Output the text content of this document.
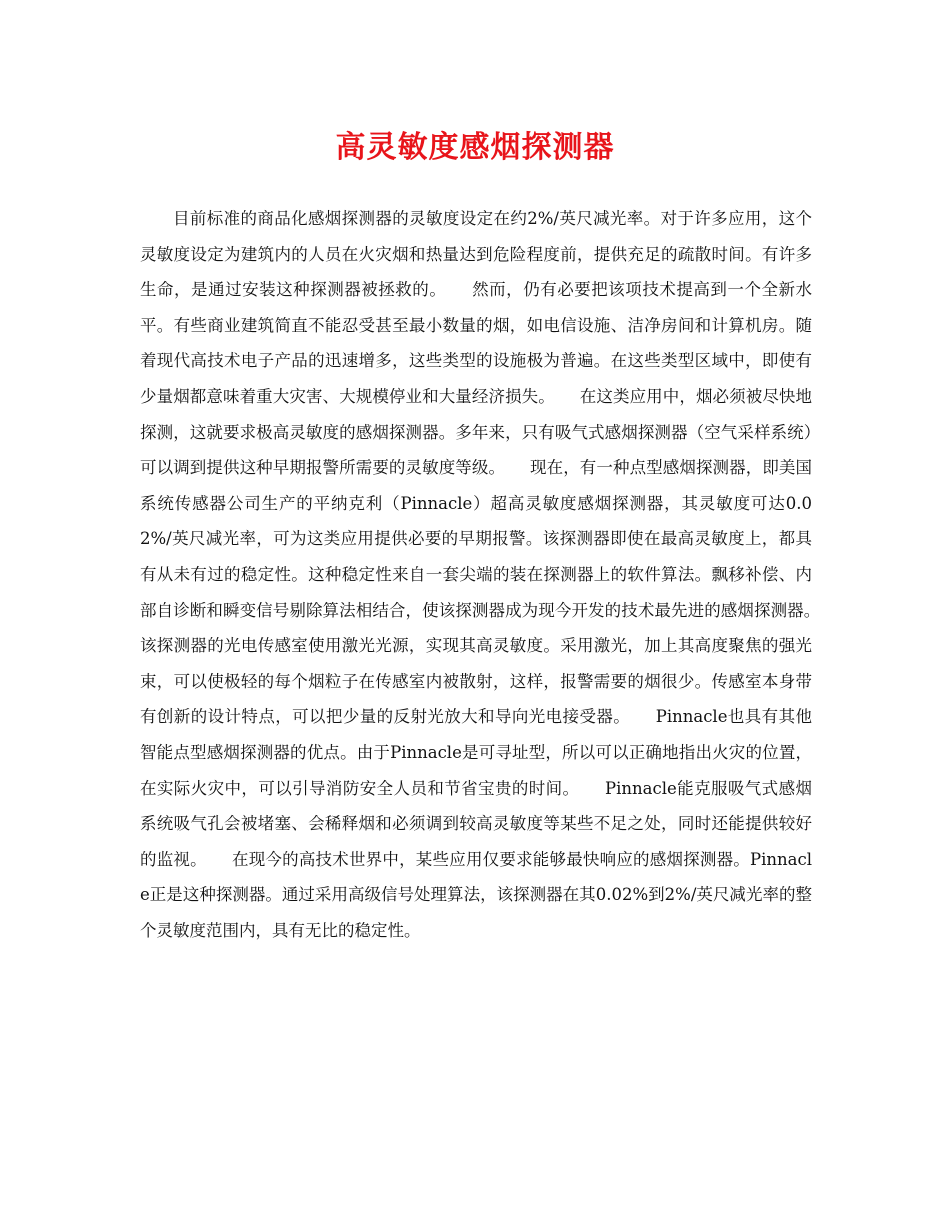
高灵敏度感烟探测器

目前标准的商品化感烟探测器的灵敏度设定在约2%/英尺减光率。对于许多应用，这个灵敏度设定为建筑内的人员在火灾烟和热量达到危险程度前，提供充足的疏散时间。有许多生命，是通过安装这种探测器被拯救的。　　然而，仍有必要把该项技术提高到一个全新水平。有些商业建筑简直不能忍受甚至最小数量的烟，如电信设施、洁净房间和计算机房。随着现代高技术电子产品的迅速增多，这些类型的设施极为普遍。在这些类型区域中，即使有少量烟都意味着重大灾害、大规模停业和大量经济损失。　　在这类应用中，烟必须被尽快地探测，这就要求极高灵敏度的感烟探测器。多年来，只有吸气式感烟探测器（空气采样系统）可以调到提供这种早期报警所需要的灵敏度等级。　　现在，有一种点型感烟探测器，即美国系统传感器公司生产的平纳克利（Pinnacle）超高灵敏度感烟探测器，其灵敏度可达0.02%/英尺减光率，可为这类应用提供必要的早期报警。该探测器即使在最高灵敏度上，都具有从未有过的稳定性。这种稳定性来自一套尖端的装在探测器上的软件算法。飘移补偿、内部自诊断和瞬变信号剔除算法相结合，使该探测器成为现今开发的技术最先进的感烟探测器。　　该探测器的光电传感室使用激光光源，实现其高灵敏度。采用激光，加上其高度聚焦的强光束，可以使极轻的每个烟粒子在传感室内被散射，这样，报警需要的烟很少。传感室本身带有创新的设计特点，可以把少量的反射光放大和导向光电接受器。　　Pinnacle也具有其他智能点型感烟探测器的优点。由于Pinnacle是可寻址型，所以可以正确地指出火灾的位置，在实际火灾中，可以引导消防安全人员和节省宝贵的时间。　　Pinnacle能克服吸气式感烟系统吸气孔会被堵塞、会稀释烟和必须调到较高灵敏度等某些不足之处，同时还能提供较好的监视。　　在现今的高技术世界中，某些应用仅要求能够最快响应的感烟探测器。Pinnacle正是这种探测器。通过采用高级信号处理算法，该探测器在其0.02%到2%/英尺减光率的整个灵敏度范围内，具有无比的稳定性。
